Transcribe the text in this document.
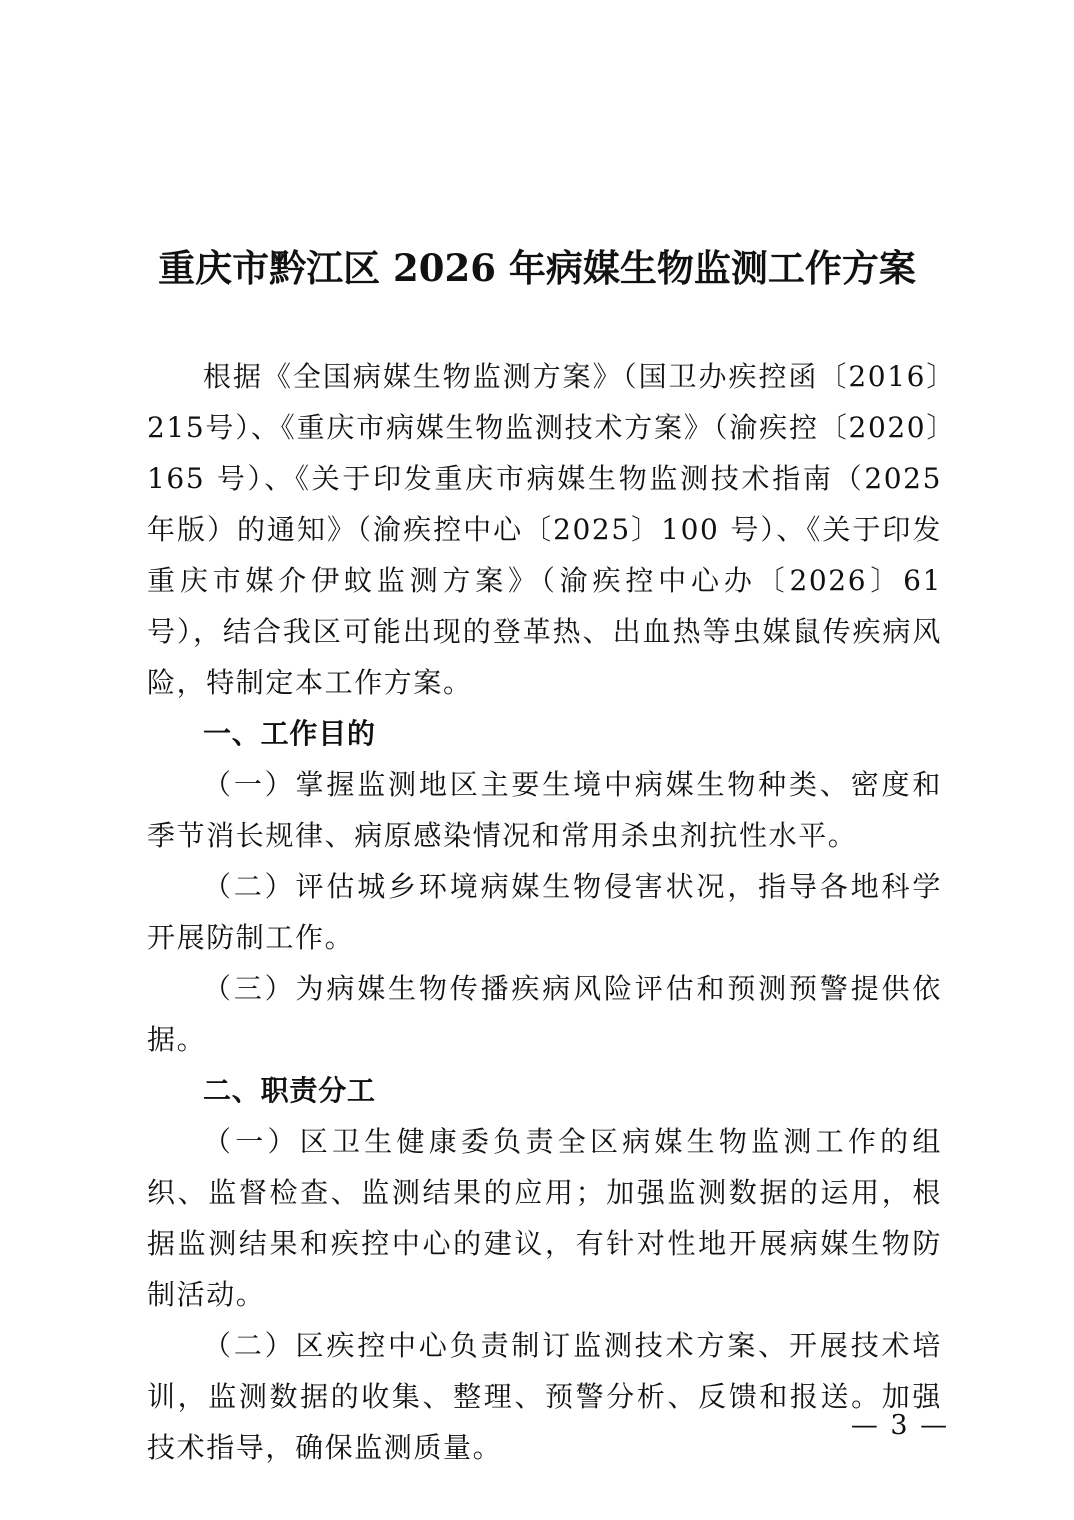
重庆市黔江区 2026 年病媒生物监测工作方案

根据《全国病媒生物监测方案》（国卫办疾控函〔2016〕215号）、《重庆市病媒生物监测技术方案》（渝疾控〔2020〕165 号）、《关于印发重庆市病媒生物监测技术指南（2025 年版）的通知》（渝疾控中心〔2025〕100 号）、《关于印发重庆市媒介伊蚊监测方案》（渝疾控中心办〔2026〕61 号），结合我区可能出现的登革热、出血热等虫媒鼠传疾病风险，特制定本工作方案。

一、工作目的

（一）掌握监测地区主要生境中病媒生物种类、密度和季节消长规律、病原感染情况和常用杀虫剂抗性水平。

（二）评估城乡环境病媒生物侵害状况，指导各地科学开展防制工作。

（三）为病媒生物传播疾病风险评估和预测预警提供依据。

二、职责分工

（一）区卫生健康委负责全区病媒生物监测工作的组织、监督检查、监测结果的应用；加强监测数据的运用，根据监测结果和疾控中心的建议，有针对性地开展病媒生物防制活动。

（二）区疾控中心负责制订监测技术方案、开展技术培训，监测数据的收集、整理、预警分析、反馈和报送。加强技术指导，确保监测质量。

— 3 —
